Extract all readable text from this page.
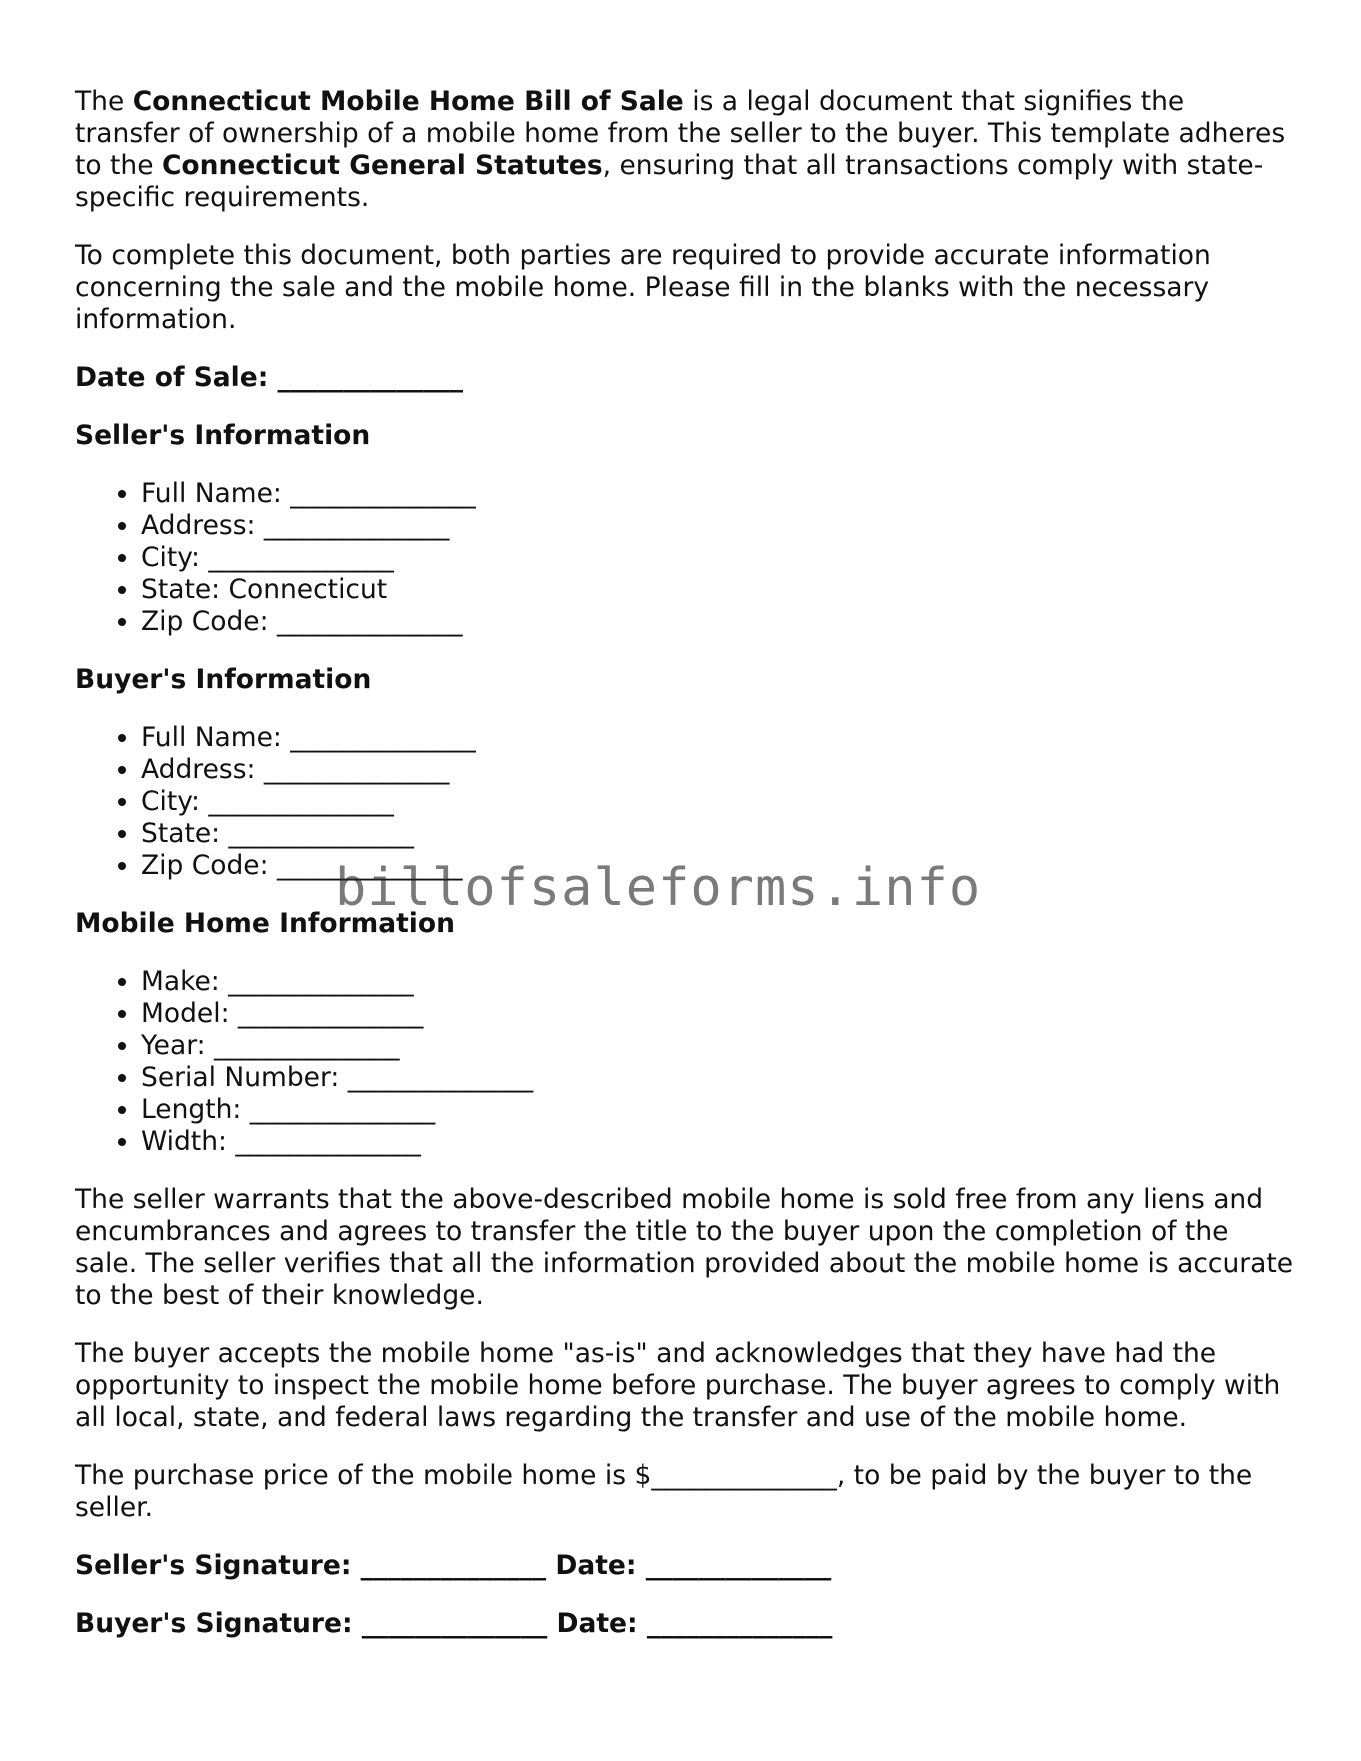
The Connecticut Mobile Home Bill of Sale is a legal document that signifies the transfer of ownership of a mobile home from the seller to the buyer. This template adheres to the Connecticut General Statutes, ensuring that all transactions comply with state-specific requirements.

To complete this document, both parties are required to provide accurate information concerning the sale and the mobile home. Please fill in the blanks with the necessary information.

Date of Sale: ______________
Seller's Information
• Full Name: ______________
• Address: ______________
• City: ______________
• State: Connecticut
• Zip Code: ______________
Buyer's Information
• Full Name: ______________
• Address: ______________
• City: ______________
• State: ______________
• Zip Code: ______________
Mobile Home Information
• Make: ______________
• Model: ______________
• Year: ______________
• Serial Number: ______________
• Length: ______________
• Width: ______________

The seller warrants that the above-described mobile home is sold free from any liens and encumbrances and agrees to transfer the title to the buyer upon the completion of the sale. The seller verifies that all the information provided about the mobile home is accurate to the best of their knowledge.

The buyer accepts the mobile home "as-is" and acknowledges that they have had the opportunity to inspect the mobile home before purchase. The buyer agrees to comply with all local, state, and federal laws regarding the transfer and use of the mobile home.

The purchase price of the mobile home is $______________, to be paid by the buyer to the seller.

Seller's Signature: ______________ Date: ______________
Buyer's Signature: ______________ Date: ______________
billofsaleforms.info
